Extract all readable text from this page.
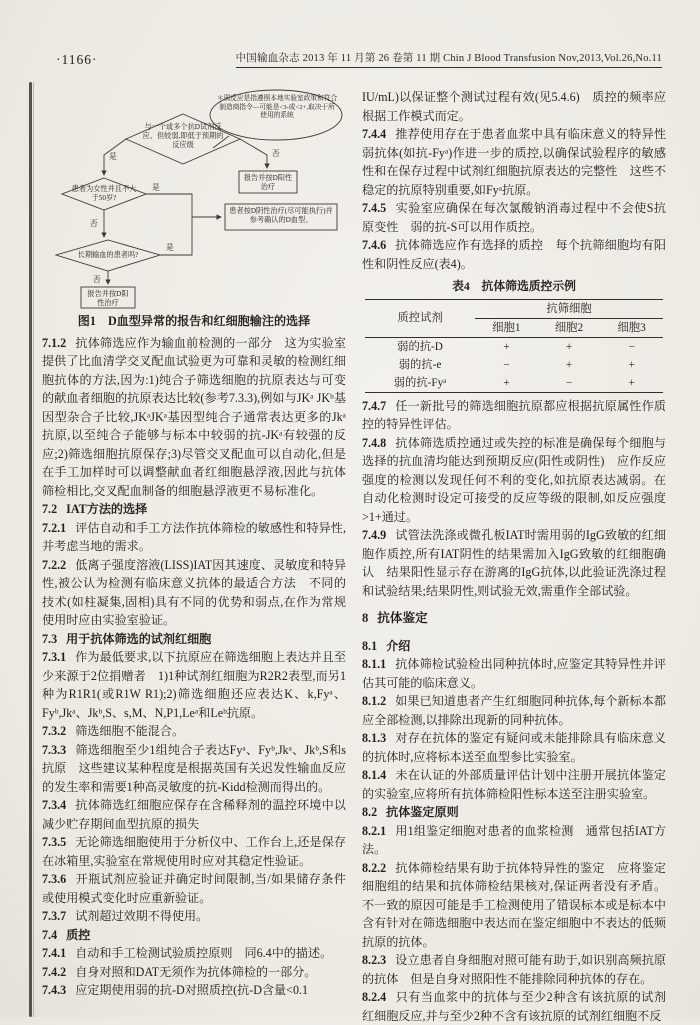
·1166·	中国输血杂志 2013 年 11 月第 26 卷第 11 期 Chin J Blood Transfusion Nov,2013,Vol.26,No.11
＊弱反应是指遵照本地实验室政策和符合制造商指令—可能是<3-或<2+,取决于所使用的系统
与一个或多个抗D试剂反应、但较弱,即低于预期的反应级
患者为女性并且不大于50岁?
长期输血的患者吗?
报告并按D阳性治疗
患者按D阴性治疗(尽可能执行)并参考确认的D血型。
报告并按D阳性治疗
是	否
是
否
是
否
图1　D血型异常的报告和红细胞输注的选择

7.1.2 抗体筛选应作为输血前检测的一部分　这为实验室提供了比血清学交叉配血试验更为可靠和灵敏的检测红细胞抗体的方法,因为:1)纯合子筛选细胞的抗原表达与可变的献血者细胞的抗原表达比较(参考7.3.3),例如与JKᵃ JKᵇ基因型杂合子比较,JKᵃJKᵃ基因型纯合子通常表达更多的Jkᵃ抗原,以至纯合子能够与标本中较弱的抗-JKᵃ有较强的反应;2)筛选细胞抗原保存;3)尽管交叉配血可以自动化,但是在手工加样时可以调整献血者红细胞悬浮液,因此与抗体筛检相比,交叉配血制备的细胞悬浮液更不易标准化。

7.2 IAT方法的选择

7.2.1 评估自动和手工方法作抗体筛检的敏感性和特异性,并考虑当地的需求。

7.2.2 低离子强度溶液(LISS)IAT因其速度、灵敏度和特异性,被公认为检测有临床意义抗体的最适合方法　不同的技术(如柱凝集,固相)具有不同的优势和弱点,在作为常规使用时应由实验室验证。

7.3 用于抗体筛选的试剂红细胞

7.3.1 作为最低要求,以下抗原应在筛选细胞上表达并且至少来源于2位捐赠者　1)1种试剂红细胞为R2R2表型,而另1种为R1R1(或R1W R1);2)筛选细胞还应表达K、k,Fyᵃ、Fyᵇ,Jkᵃ、Jkᵇ,S、s,M、N,P1,Leᵃ和Leᵇ抗原。

7.3.2 筛选细胞不能混合。

7.3.3 筛选细胞至少1组纯合子表达Fyᵃ、Fyᵇ,Jkᵃ、Jkᵇ,S和s抗原　这些建议某种程度是根据英国有关迟发性输血反应的发生率和需要1种高灵敏度的抗-Kidd检测而得出的。

7.3.4 抗体筛选红细胞应保存在含稀释剂的温控环境中以减少贮存期间血型抗原的损失

7.3.5 无论筛选细胞使用于分析仪中、工作台上,还是保存在冰箱里,实验室在常规使用时应对其稳定性验证。

7.3.6 开瓶试剂应验证并确定时间限制,当/如果储存条件或使用模式变化时应重新验证。

7.3.7 试剂超过效期不得使用。

7.4 质控

7.4.1 自动和手工检测试验质控原则　同6.4中的描述。

7.4.2 自身对照和DAT无须作为抗体筛检的一部分。

7.4.3 应定期使用弱的抗-D对照质控(抗-D含量<0.1

IU/mL)以保证整个测试过程有效(见5.4.6)　质控的频率应根据工作模式而定。

7.4.4 推荐使用存在于患者血浆中具有临床意义的特异性弱抗体(如抗-Fyᵃ)作进一步的质控,以确保试验程序的敏感性和在保存过程中试剂红细胞抗原表达的完整性　这些不稳定的抗原特别重要,如Fyᵃ抗原。

7.4.5 实验室应确保在每次氯酸钠消毒过程中不会使S抗原变性　弱的抗-S可以用作质控。

7.4.6 抗体筛选应作有选择的质控　每个抗筛细胞均有阳性和阴性反应(表4)。

表4　抗体筛选质控示例
质控试剂	抗筛细胞		
	细胞1	细胞2	细胞3
弱的抗-D	+	+	−
弱的抗-e	−	+	+
弱的抗-Fyᵃ	+	−	+

7.4.7 任一新批号的筛选细胞抗原都应根据抗原属性作质控的特异性评估。

7.4.8 抗体筛选质控通过或失控的标准是确保每个细胞与选择的抗血清均能达到预期反应(阳性或阴性)　应作反应强度的检测以发现任何不利的变化,如抗原表达减弱。在自动化检测时设定可接受的反应等级的限制,如反应强度>1+通过。

7.4.9 试管法洗涤或微孔板IAT时需用弱的IgG致敏的红细胞作质控,所有IAT阴性的结果需加入IgG致敏的红细胞确认　结果阳性显示存在游离的IgG抗体,以此验证洗涤过程和试验结果;结果阴性,则试验无效,需重作全部试验。

8 抗体鉴定

8.1 介绍

8.1.1 抗体筛检试验检出同种抗体时,应鉴定其特异性并评估其可能的临床意义。

8.1.2 如果已知道患者产生红细胞同种抗体,每个新标本都应全部检测,以排除出现新的同种抗体。

8.1.3 对存在抗体的鉴定有疑问或未能排除具有临床意义的抗体时,应将标本送至血型参比实验室。

8.1.4 未在认证的外部质量评估计划中注册开展抗体鉴定的实验室,应将所有抗体筛检阳性标本送至注册实验室。

8.2 抗体鉴定原则

8.2.1 用1组鉴定细胞对患者的血浆检测　通常包括IAT方法。

8.2.2 抗体筛检结果有助于抗体特异性的鉴定　应将鉴定细胞组的结果和抗体筛检结果核对,保证两者没有矛盾。不一致的原因可能是手工检测使用了错误标本或是标本中含有针对在筛选细胞中表达而在鉴定细胞中不表达的低频抗原的抗体。

8.2.3 设立患者自身细胞对照可能有助于,如识别高频抗原的抗体　但是自身对照阳性不能排除同种抗体的存在。

8.2.4 只有当血浆中的抗体与至少2种含有该抗原的试剂红细胞反应,并与至少2种不含有该抗原的试剂红细胞不反
